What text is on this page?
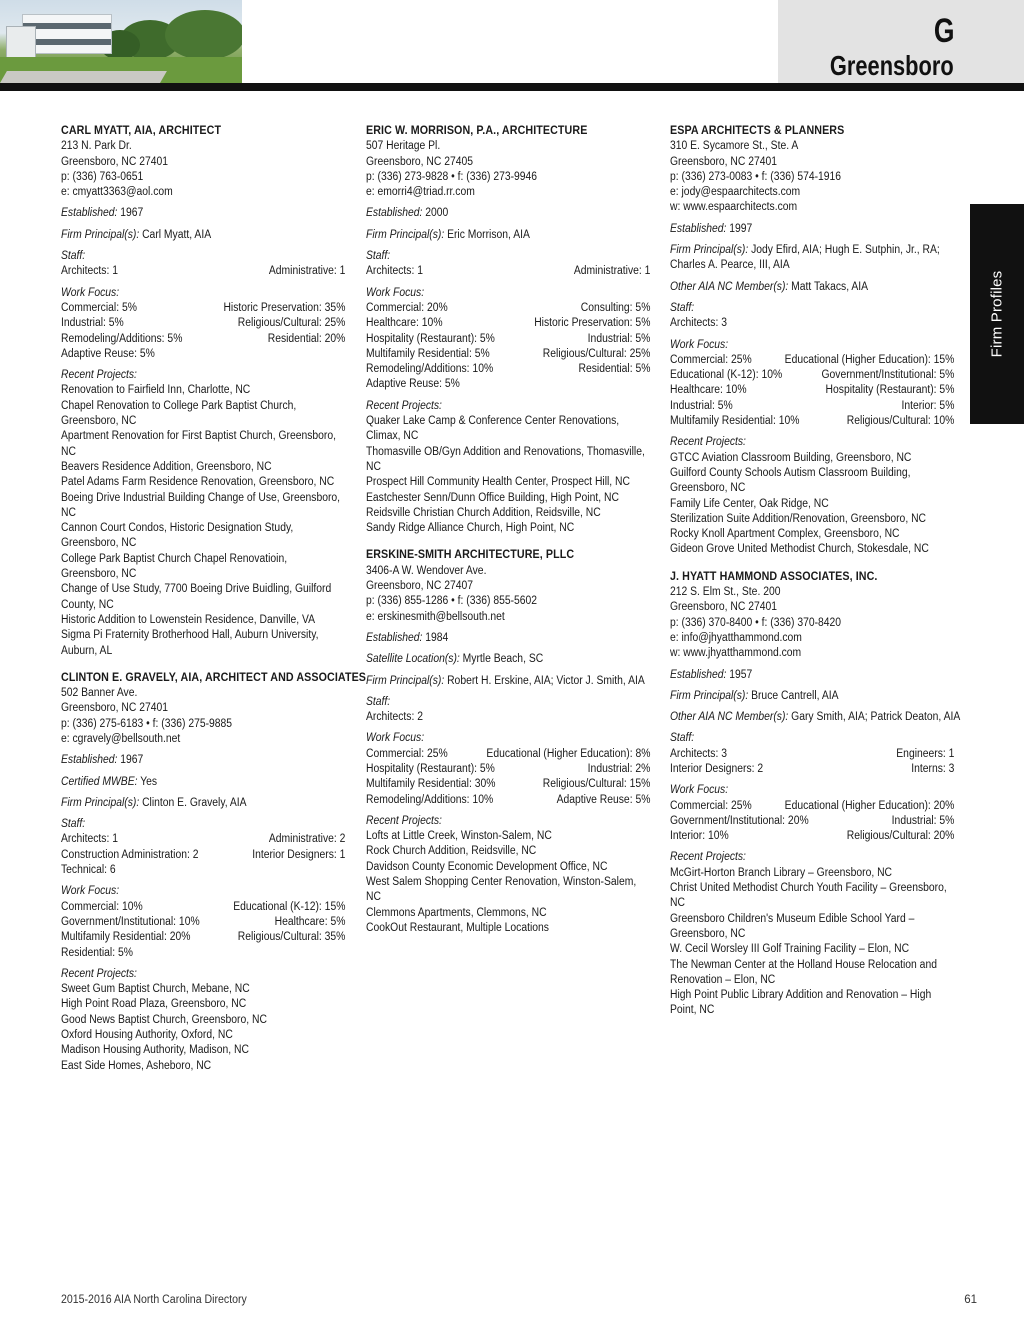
G
Greensboro
Firm Profiles
CARL MYATT, AIA, ARCHITECT
213 N. Park Dr.
Greensboro, NC 27401
p: (336) 763-0651
e: cmyatt3363@aol.com
Established: 1967
Firm Principal(s): Carl Myatt, AIA
Staff:
Architects: 1	Administrative: 1
Work Focus:
Commercial: 5%	Historic Preservation: 35%
Industrial: 5%	Religious/Cultural: 25%
Remodeling/Additions: 5%	Residential: 20%
Adaptive Reuse: 5%
Recent Projects:
Renovation to Fairfield Inn, Charlotte, NC
Chapel Renovation to College Park Baptist Church, Greensboro, NC
Apartment Renovation for First Baptist Church, Greensboro, NC
Beavers Residence Addition, Greensboro, NC
Patel Adams Farm Residence Renovation, Greensboro, NC
Boeing Drive Industrial Building Change of Use, Greensboro, NC
Cannon Court Condos, Historic Designation Study, Greensboro, NC
College Park Baptist Church Chapel Renovatioin, Greensboro, NC
Change of Use Study, 7700 Boeing Drive Buidling, Guilford County, NC
Historic Addition to Lowenstein Residence, Danville, VA
Sigma Pi Fraternity Brotherhood Hall, Auburn University, Auburn, AL
CLINTON E. GRAVELY, AIA, ARCHITECT AND ASSOCIATES
502 Banner Ave.
Greensboro, NC 27401
p: (336) 275-6183 • f: (336) 275-9885
e: cgravely@bellsouth.net
Established: 1967
Certified MWBE: Yes
Firm Principal(s): Clinton E. Gravely, AIA
Staff:
Architects: 1	Administrative: 2
Construction Administration: 2	Interior Designers: 1
Technical: 6
Work Focus:
Commercial: 10%	Educational (K-12): 15%
Government/Institutional: 10%	Healthcare: 5%
Multifamily Residential: 20%	Religious/Cultural: 35%
Residential: 5%
Recent Projects:
Sweet Gum Baptist Church, Mebane, NC
High Point Road Plaza, Greensboro, NC
Good News Baptist Church, Greensboro, NC
Oxford Housing Authority, Oxford, NC
Madison Housing Authority, Madison, NC
East Side Homes, Asheboro, NC
ERIC W. MORRISON, P.A., ARCHITECTURE
507 Heritage Pl.
Greensboro, NC 27405
p: (336) 273-9828 • f: (336) 273-9946
e: emorri4@triad.rr.com
Established: 2000
Firm Principal(s): Eric Morrison, AIA
Staff:
Architects: 1	Administrative: 1
Work Focus:
Commercial: 20%	Consulting: 5%
Healthcare: 10%	Historic Preservation: 5%
Hospitality (Restaurant): 5%	Industrial: 5%
Multifamily Residential: 5%	Religious/Cultural: 25%
Remodeling/Additions: 10%	Residential: 5%
Adaptive Reuse: 5%
Recent Projects:
Quaker Lake Camp & Conference Center Renovations, Climax, NC
Thomasville OB/Gyn Addition and Renovations, Thomasville, NC
Prospect Hill Community Health Center, Prospect Hill, NC
Eastchester Senn/Dunn Office Building, High Point, NC
Reidsville Christian Church Addition, Reidsville, NC
Sandy Ridge Alliance Church, High Point, NC
ERSKINE-SMITH ARCHITECTURE, PLLC
3406-A W. Wendover Ave.
Greensboro, NC 27407
p: (336) 855-1286 • f: (336) 855-5602
e: erskinesmith@bellsouth.net
Established: 1984
Satellite Location(s): Myrtle Beach, SC
Firm Principal(s): Robert H. Erskine, AIA; Victor J. Smith, AIA
Staff:
Architects: 2
Work Focus:
Commercial: 25%	Educational (Higher Education): 8%
Hospitality (Restaurant): 5%	Industrial: 2%
Multifamily Residential: 30%	Religious/Cultural: 15%
Remodeling/Additions: 10%	Adaptive Reuse: 5%
Recent Projects:
Lofts at Little Creek, Winston-Salem, NC
Rock Church Addition, Reidsville, NC
Davidson County Economic Development Office, NC
West Salem Shopping Center Renovation, Winston-Salem, NC
Clemmons Apartments, Clemmons, NC
CookOut Restaurant, Multiple Locations
ESPA ARCHITECTS & PLANNERS
310 E. Sycamore St., Ste. A
Greensboro, NC 27401
p: (336) 273-0083 • f: (336) 574-1916
e: jody@espaarchitects.com
w: www.espaarchitects.com
Established: 1997
Firm Principal(s): Jody Efird, AIA; Hugh E. Sutphin, Jr., RA; Charles A. Pearce, III, AIA
Other AIA NC Member(s): Matt Takacs, AIA
Staff:
Architects: 3
Work Focus:
Commercial: 25%	Educational (Higher Education): 15%
Educational (K-12): 10%	Government/Institutional: 5%
Healthcare: 10%	Hospitality (Restaurant): 5%
Industrial: 5%	Interior: 5%
Multifamily Residential: 10%	Religious/Cultural: 10%
Recent Projects:
GTCC Aviation Classroom Building, Greensboro, NC
Guilford County Schools Autism Classroom Building, Greensboro, NC
Family Life Center, Oak Ridge, NC
Sterilization Suite Addition/Renovation, Greensboro, NC
Rocky Knoll Apartment Complex, Greensboro, NC
Gideon Grove United Methodist Church, Stokesdale, NC
J. HYATT HAMMOND ASSOCIATES, INC.
212 S. Elm St., Ste. 200
Greensboro, NC 27401
p: (336) 370-8400 • f: (336) 370-8420
e: info@jhyatthammond.com
w: www.jhyatthammond.com
Established: 1957
Firm Principal(s): Bruce Cantrell, AIA
Other AIA NC Member(s): Gary Smith, AIA; Patrick Deaton, AIA
Staff:
Architects: 3	Engineers: 1
Interior Designers: 2	Interns: 3
Work Focus:
Commercial: 25%	Educational (Higher Education): 20%
Government/Institutional: 20%	Industrial: 5%
Interior: 10%	Religious/Cultural: 20%
Recent Projects:
McGirt-Horton Branch Library – Greensboro, NC
Christ United Methodist Church Youth Facility – Greensboro, NC
Greensboro Children's Museum Edible School Yard – Greensboro, NC
W. Cecil Worsley III Golf Training Facility – Elon, NC
The Newman Center at the Holland House Relocation and Renovation – Elon, NC
High Point Public Library Addition and Renovation – High Point, NC
2015-2016 AIA North Carolina Directory	61
